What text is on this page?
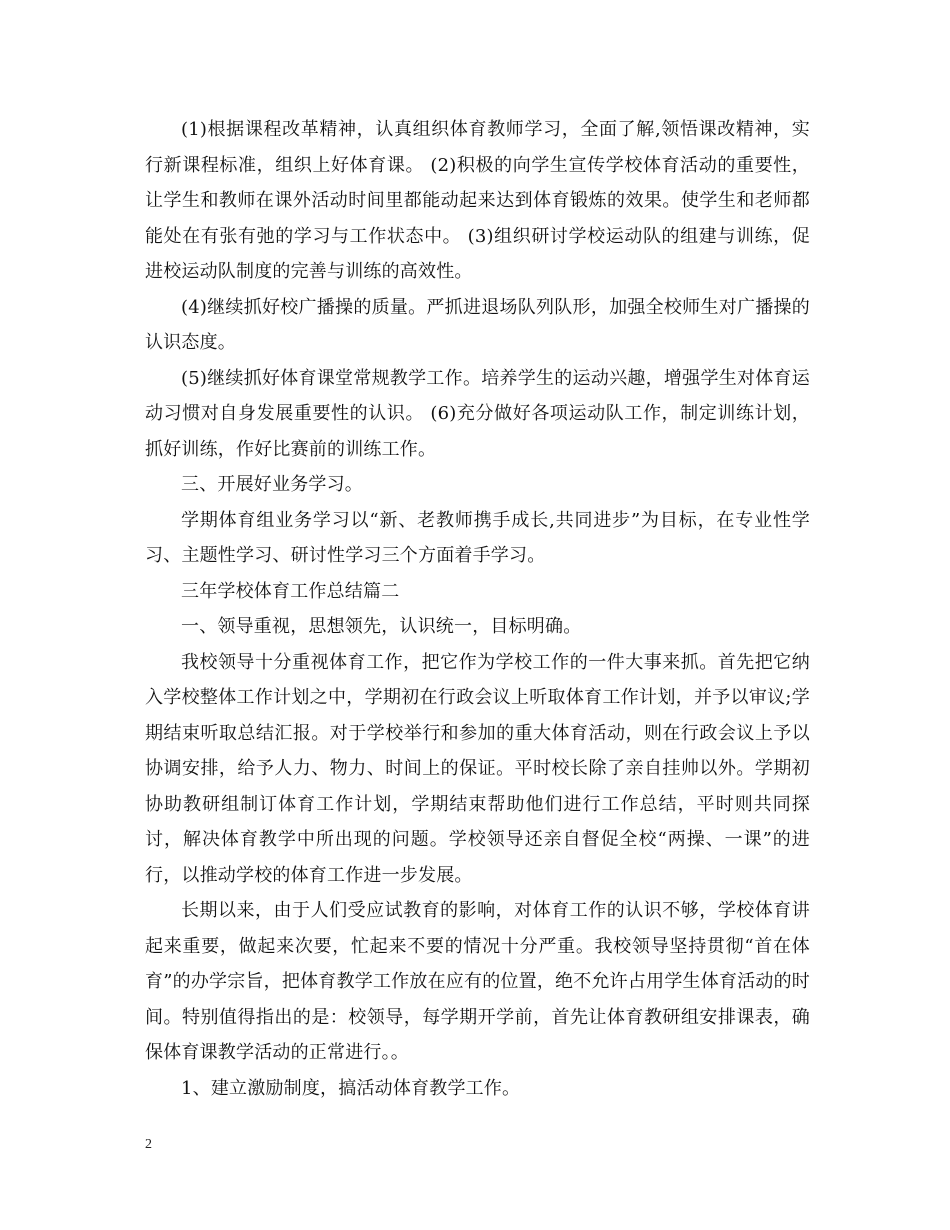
(1)根据课程改革精神，认真组织体育教师学习，全面了解,领悟课改精神，实行新课程标准，组织上好体育课。 (2)积极的向学生宣传学校体育活动的重要性，让学生和教师在课外活动时间里都能动起来达到体育锻炼的效果。使学生和老师都能处在有张有弛的学习与工作状态中。 (3)组织研讨学校运动队的组建与训练，促进校运动队制度的完善与训练的高效性。

(4)继续抓好校广播操的质量。严抓进退场队列队形，加强全校师生对广播操的认识态度。

(5)继续抓好体育课堂常规教学工作。培养学生的运动兴趣，增强学生对体育运动习惯对自身发展重要性的认识。 (6)充分做好各项运动队工作，制定训练计划，抓好训练，作好比赛前的训练工作。

三、开展好业务学习。

学期体育组业务学习以“新、老教师携手成长,共同进步”为目标，在专业性学习、主题性学习、研讨性学习三个方面着手学习。

三年学校体育工作总结篇二

一、领导重视，思想领先，认识统一，目标明确。

我校领导十分重视体育工作，把它作为学校工作的一件大事来抓。首先把它纳入学校整体工作计划之中，学期初在行政会议上听取体育工作计划，并予以审议;学期结束听取总结汇报。对于学校举行和参加的重大体育活动，则在行政会议上予以协调安排，给予人力、物力、时间上的保证。平时校长除了亲自挂帅以外。学期初协助教研组制订体育工作计划，学期结束帮助他们进行工作总结，平时则共同探讨，解决体育教学中所出现的问题。学校领导还亲自督促全校“两操、一课”的进行，以推动学校的体育工作进一步发展。

长期以来，由于人们受应试教育的影响，对体育工作的认识不够，学校体育讲起来重要，做起来次要，忙起来不要的情况十分严重。我校领导坚持贯彻“首在体育”的办学宗旨，把体育教学工作放在应有的位置，绝不允许占用学生体育活动的时间。特别值得指出的是：校领导，每学期开学前，首先让体育教研组安排课表，确保体育课教学活动的正常进行。。

1、建立激励制度，搞活动体育教学工作。

2
